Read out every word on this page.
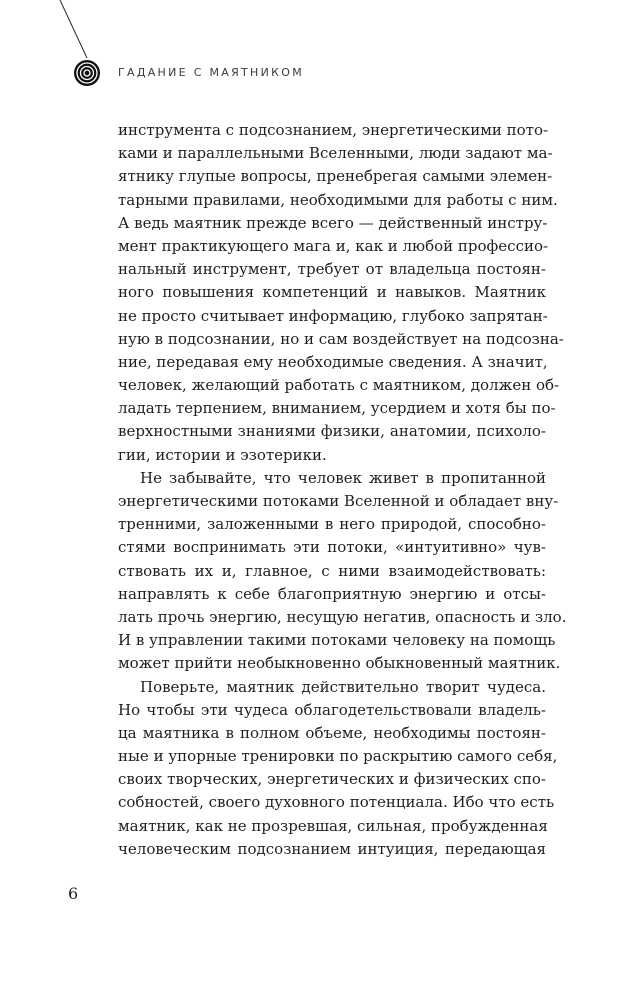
ГАДАНИЕ С МАЯТНИКОМ
инструмента с подсознанием, энергетическими пото-
ками и параллельными Вселенными, люди задают ма-
ятнику глупые вопросы, пренебрегая самыми элемен-
тарными правилами, необходимыми для работы с ним.
А ведь маятник прежде всего — действенный инстру-
мент практикующего мага и, как и любой профессио-
нальный инструмент, требует от владельца постоян-
ного повышения компетенций и навыков. Маятник
не просто считывает информацию, глубоко запрятан-
ную в подсознании, но и сам воздействует на подсозна-
ние, передавая ему необходимые сведения. А значит,
человек, желающий работать с маятником, должен об-
ладать терпением, вниманием, усердием и хотя бы по-
верхностными знаниями физики, анатомии, психоло-
гии, истории и эзотерики.
Не забывайте, что человек живет в пропитанной
энергетическими потоками Вселенной и обладает вну-
тренними, заложенными в него природой, способно-
стями воспринимать эти потоки, «интуитивно» чув-
ствовать их и, главное, с ними взаимодействовать:
направлять к себе благоприятную энергию и отсы-
лать прочь энергию, несущую негатив, опасность и зло.
И в управлении такими потоками человеку на помощь
может прийти необыкновенно обыкновенный маятник.
Поверьте, маятник действительно творит чудеса.
Но чтобы эти чудеса облагодетельствовали владель-
ца маятника в полном объеме, необходимы постоян-
ные и упорные тренировки по раскрытию самого себя,
своих творческих, энергетических и физических спо-
собностей, своего духовного потенциала. Ибо что есть
маятник, как не прозревшая, сильная, пробужденная
человеческим подсознанием интуиция, передающая
6
